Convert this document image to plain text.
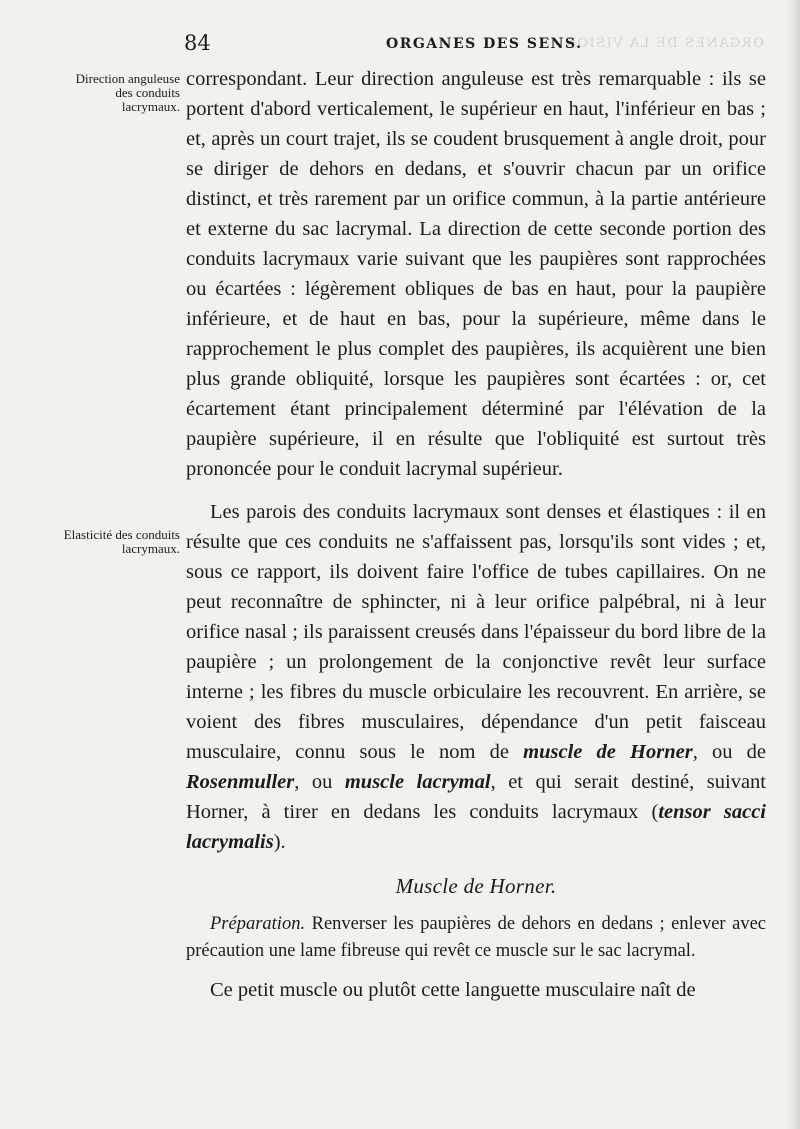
84	ORGANES DES SENS.
ORGANES DE LA VISION
Direction anguleuse des conduits lacrymaux.
Elasticité des conduits lacrymaux.

correspondant. Leur direction anguleuse est très remarquable : ils se portent d'abord verticalement, le supérieur en haut, l'inférieur en bas ; et, après un court trajet, ils se coudent brusquement à angle droit, pour se diriger de dehors en dedans, et s'ouvrir chacun par un orifice distinct, et très rarement par un orifice commun, à la partie antérieure et externe du sac lacrymal. La direction de cette seconde portion des conduits lacrymaux varie suivant que les paupières sont rapprochées ou écartées : légèrement obliques de bas en haut, pour la paupière inférieure, et de haut en bas, pour la supérieure, même dans le rapprochement le plus complet des paupières, ils acquièrent une bien plus grande obliquité, lorsque les paupières sont écartées : or, cet écartement étant principalement déterminé par l'élévation de la paupière supérieure, il en résulte que l'obliquité est surtout très prononcée pour le conduit lacrymal supérieur.

Les parois des conduits lacrymaux sont denses et élastiques : il en résulte que ces conduits ne s'affaissent pas, lorsqu'ils sont vides ; et, sous ce rapport, ils doivent faire l'office de tubes capillaires. On ne peut reconnaître de sphincter, ni à leur orifice palpébral, ni à leur orifice nasal ; ils paraissent creusés dans l'épaisseur du bord libre de la paupière ; un prolongement de la conjonctive revêt leur surface interne ; les fibres du muscle orbiculaire les recouvrent. En arrière, se voient des fibres musculaires, dépendance d'un petit faisceau musculaire, connu sous le nom de muscle de Horner, ou de Rosenmuller, ou muscle lacrymal, et qui serait destiné, suivant Horner, à tirer en dedans les conduits lacrymaux (tensor sacci lacrymalis).

Muscle de Horner.

Préparation. Renverser les paupières de dehors en dedans ; enlever avec précaution une lame fibreuse qui revêt ce muscle sur le sac lacrymal.

Ce petit muscle ou plutôt cette languette musculaire naît de
